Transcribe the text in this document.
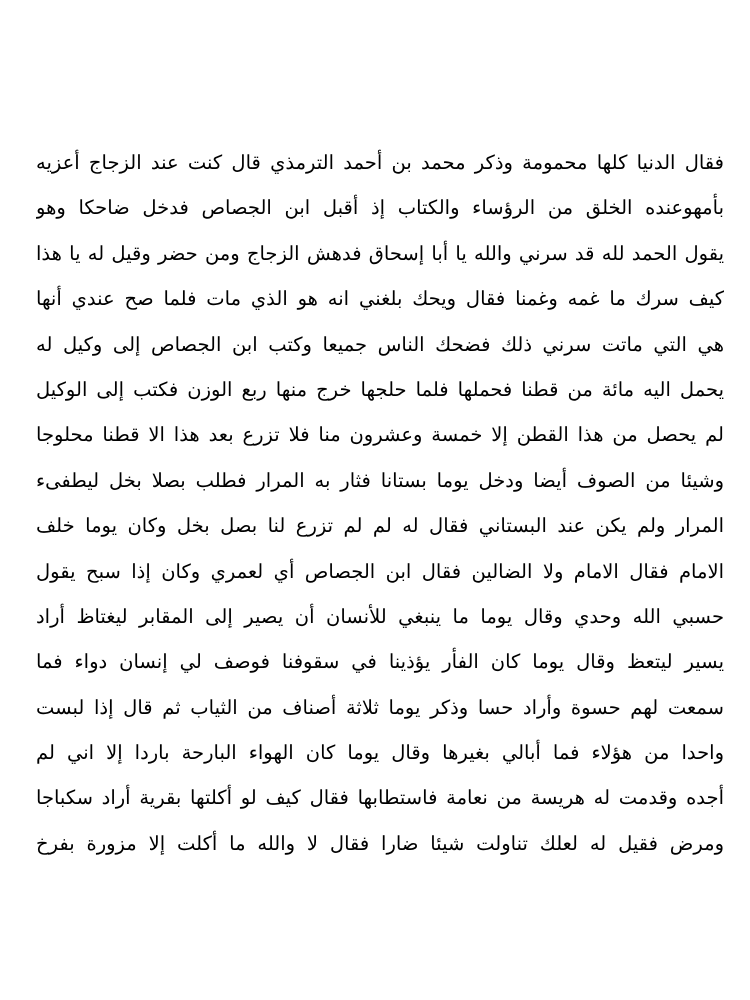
فقال الدنيا كلها محمومة وذكر محمد بن أحمد الترمذي قال كنت عند الزجاج أعزيه
بأمهوعنده الخلق من الرؤساء والكتاب إذ أقبل ابن الجصاص فدخل ضاحكا وهو
يقول الحمد لله قد سرني والله يا أبا إسحاق فدهش الزجاج ومن حضر وقيل له يا هذا
كيف سرك ما غمه وغمنا فقال ويحك بلغني انه هو الذي مات فلما صح عندي أنها
هي التي ماتت سرني ذلك فضحك الناس جميعا وكتب ابن الجصاص إلى وكيل له
يحمل اليه مائة من قطنا فحملها فلما حلجها خرج منها ربع الوزن فكتب إلى الوكيل
لم يحصل من هذا القطن إلا خمسة وعشرون منا فلا تزرع بعد هذا الا قطنا محلوجا
وشيئا من الصوف أيضا ودخل يوما بستانا فثار به المرار فطلب بصلا بخل ليطفىء
المرار ولم يكن عند البستاني فقال له لم لم تزرع لنا بصل بخل وكان يوما خلف
الامام فقال الامام ولا الضالين فقال ابن الجصاص أي لعمري وكان إذا سبح يقول
حسبي الله وحدي وقال يوما ما ينبغي للأنسان أن يصير إلى المقابر ليغتاظ أراد
يسير ليتعظ وقال يوما كان الفأر يؤذينا في سقوفنا فوصف لي إنسان دواء فما
سمعت لهم حسوة وأراد حسا وذكر يوما ثلاثة أصناف من الثياب ثم قال إذا لبست
واحدا من هؤلاء فما أبالي بغيرها وقال يوما كان الهواء البارحة باردا إلا اني لم
أجده وقدمت له هريسة من نعامة فاستطابها فقال كيف لو أكلتها بقرية أراد سكباجا
ومرض فقيل له لعلك تناولت شيئا ضارا فقال لا والله ما أكلت إلا مزورة بفرخ
